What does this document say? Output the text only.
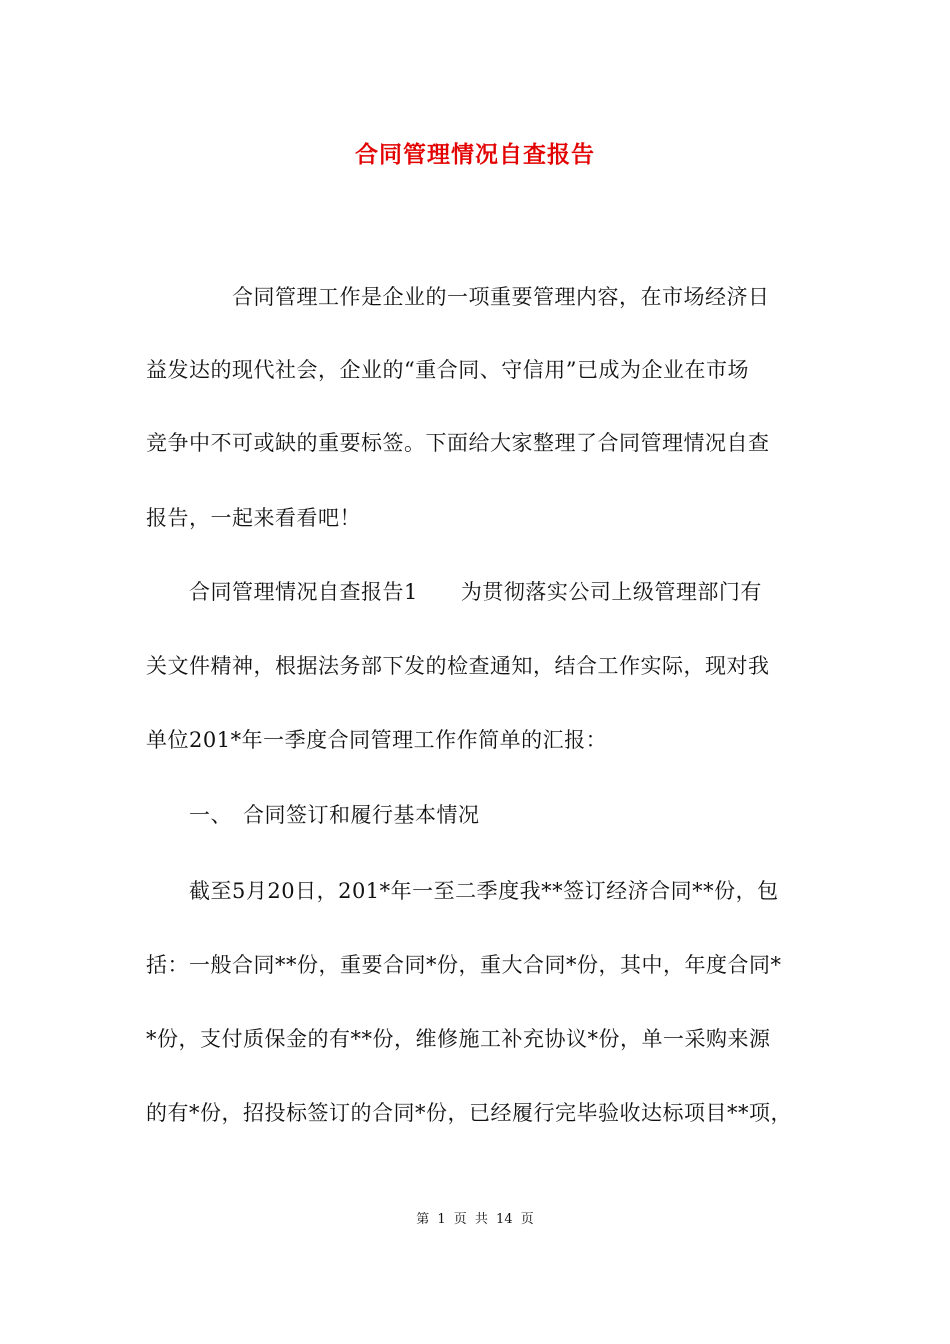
合同管理情况自查报告
　　　　合同管理工作是企业的一项重要管理内容，在市场经济日
益发达的现代社会，企业的“重合同、守信用”已成为企业在市场
竞争中不可或缺的重要标签。下面给大家整理了合同管理情况自查
报告，一起来看看吧！
　　合同管理情况自查报告1　　为贯彻落实公司上级管理部门有
关文件精神，根据法务部下发的检查通知，结合工作实际，现对我
单位201*年一季度合同管理工作作简单的汇报：
　　一、　合同签订和履行基本情况
　　截至5月20日，201*年一至二季度我**签订经济合同**份，包
括：一般合同**份，重要合同*份，重大合同*份，其中，年度合同*
*份，支付质保金的有**份，维修施工补充协议*份，单一采购来源
的有*份，招投标签订的合同*份，已经履行完毕验收达标项目**项，
第 1 页 共 14 页
